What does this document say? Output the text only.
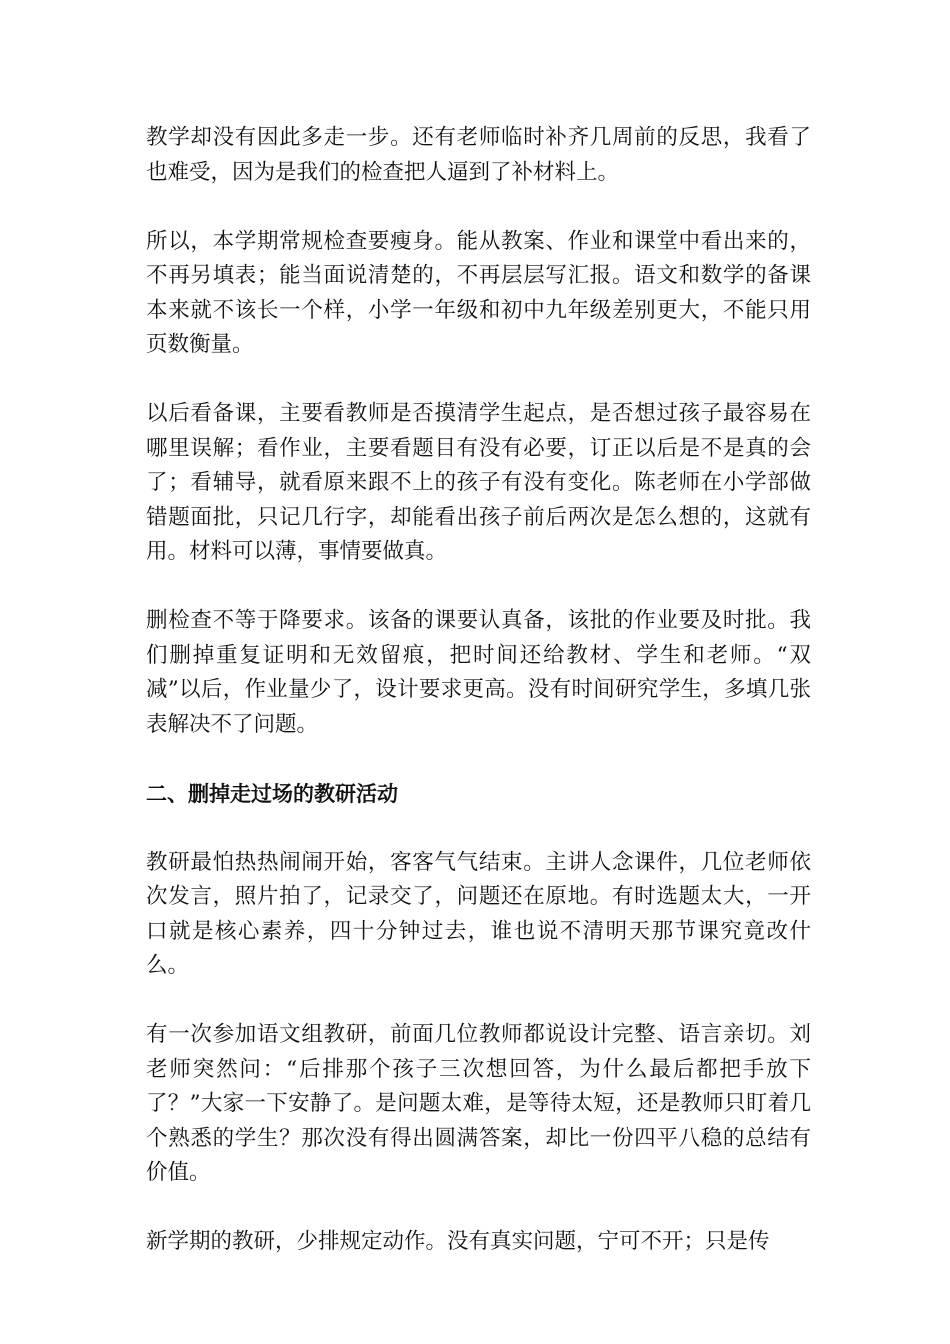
教学却没有因此多走一步。还有老师临时补齐几周前的反思，我看了也难受，因为是我们的检查把人逼到了补材料上。

所以，本学期常规检查要瘦身。能从教案、作业和课堂中看出来的，不再另填表；能当面说清楚的，不再层层写汇报。语文和数学的备课本来就不该长一个样，小学一年级和初中九年级差别更大，不能只用页数衡量。

以后看备课，主要看教师是否摸清学生起点，是否想过孩子最容易在哪里误解；看作业，主要看题目有没有必要，订正以后是不是真的会了；看辅导，就看原来跟不上的孩子有没有变化。陈老师在小学部做错题面批，只记几行字，却能看出孩子前后两次是怎么想的，这就有用。材料可以薄，事情要做真。

删检查不等于降要求。该备的课要认真备，该批的作业要及时批。我们删掉重复证明和无效留痕，把时间还给教材、学生和老师。“双减”以后，作业量少了，设计要求更高。没有时间研究学生，多填几张表解决不了问题。

二、删掉走过场的教研活动

教研最怕热热闹闹开始，客客气气结束。主讲人念课件，几位老师依次发言，照片拍了，记录交了，问题还在原地。有时选题太大，一开口就是核心素养，四十分钟过去，谁也说不清明天那节课究竟改什么。

有一次参加语文组教研，前面几位教师都说设计完整、语言亲切。刘老师突然问：“后排那个孩子三次想回答，为什么最后都把手放下了？”大家一下安静了。是问题太难，是等待太短，还是教师只盯着几个熟悉的学生？那次没有得出圆满答案，却比一份四平八稳的总结有价值。

新学期的教研，少排规定动作。没有真实问题，宁可不开；只是传
